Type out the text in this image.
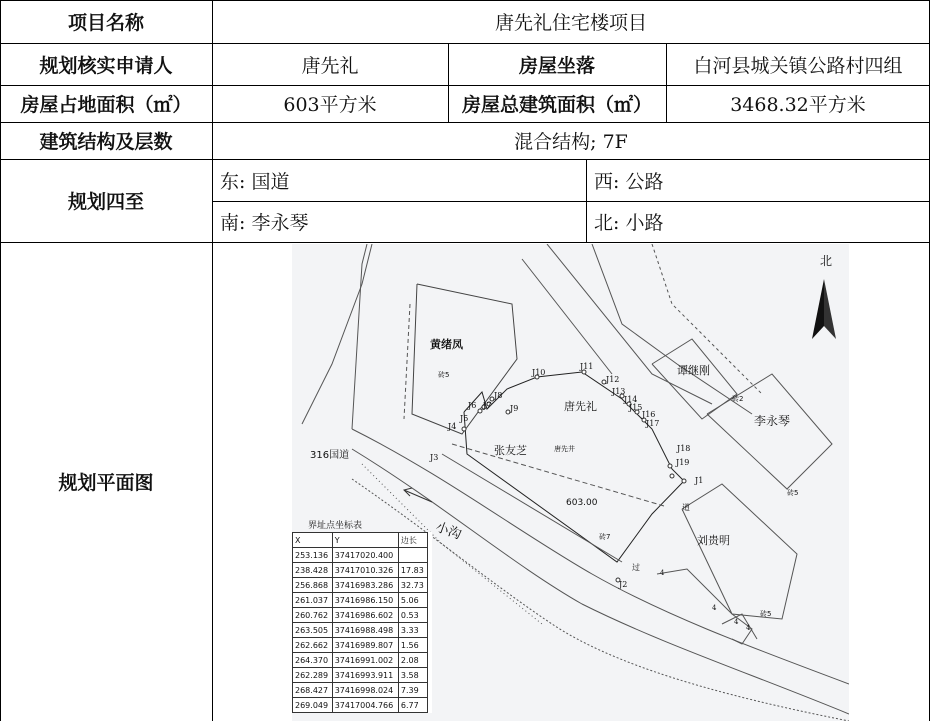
项目名称	唐先礼住宅楼项目
规划核实申请人	唐先礼	房屋坐落	白河县城关镇公路村四组
房屋占地面积（㎡）	603平方米	房屋总建筑面积（㎡）	3468.32平方米
建筑结构及层数	混合结构; 7F
规划四至
东: 国道	西: 公路
南: 李永琴	北: 小路
规划平面图
北
黄绪凤
唐先礼
谭继刚
李永琴
张友芝
刘贵明
砖5
砖2
砖5
砖7
砖5
唐先井
道
过
603.00
316国道
小沟
J1
J2
J3
J4
J5
J6 J7
J8
J9
J10
J11
J12
J13
J14
J15
J16
J17
J18
J19
4
4
4
4
界址点坐标表
X	Y	边长
253.136	37417020.400	
238.428	37417010.326	17.83
256.868	37416983.286	32.73
261.037	37416986.150	5.06
260.762	37416986.602	0.53
263.505	37416988.498	3.33
262.662	37416989.807	1.56
264.370	37416991.002	2.08
262.289	37416993.911	3.58
268.427	37416998.024	7.39
269.049	37417004.766	6.77
